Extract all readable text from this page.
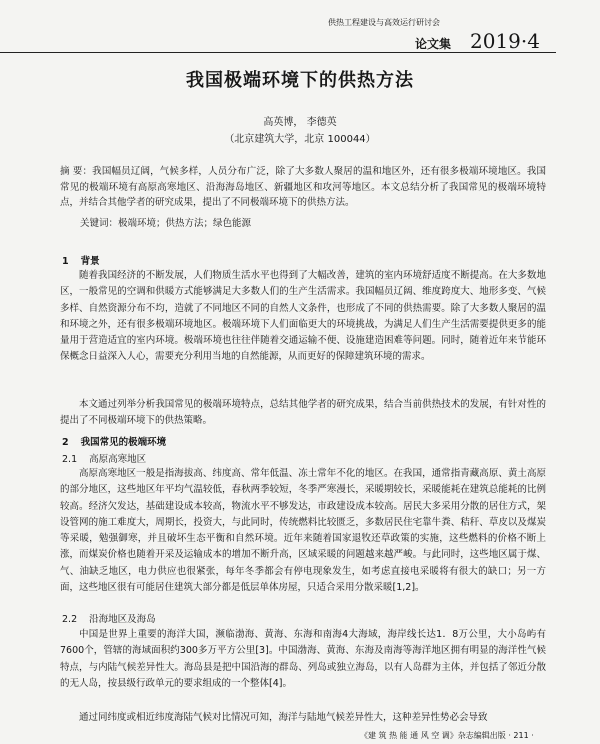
供热工程建设与高效运行研讨会
论文集 2019·4
我国极端环境下的供热方法
高英博， 李德英
（北京建筑大学，北京 100044）

摘 要：我国幅员辽阔，气候多样，人员分布广泛，除了大多数人聚居的温和地区外，还有很多极端环境地区。我国常见的极端环境有高原高寒地区、沿海海岛地区、新疆地区和攻河等地区。本文总结分析了我国常见的极端环境特点，并结合其他学者的研究成果，提出了不同极端环境下的供热方法。

关键词：极端环境；供热方法；绿色能源

1 背景

随着我国经济的不断发展，人们物质生活水平也得到了大幅改善，建筑的室内环境舒适度不断提高。在大多数地区，一般常见的空调和供暖方式能够满足大多数人们的生产生活需求。我国幅员辽阔、维度跨度大、地形多变、气候多样、自然资源分布不均，造就了不同地区不同的自然人文条件，也形成了不同的供热需要。除了大多数人聚居的温和环境之外，还有很多极端环境地区。极端环境下人们面临更大的环境挑战，为满足人们生产生活需要提供更多的能量用于营造适宜的室内环境。极端环境也往往伴随着交通运输不便、设施建造困难等问题。同时，随着近年来节能环保概念日益深入人心，需要充分利用当地的自然能源，从而更好的保障建筑环境的需求。

本文通过列举分析我国常见的极端环境特点，总结其他学者的研究成果，结合当前供热技术的发展，有针对性的提出了不同极端环境下的供热策略。

2 我国常见的极端环境
2.1 高原高寒地区

高原高寒地区一般是指海拔高、纬度高、常年低温、冻土常年不化的地区。在我国，通常指青藏高原、黄土高原的部分地区，这些地区年平均气温较低，春秋两季较短，冬季严寒漫长，采暖期较长，采暖能耗在建筑总能耗的比例较高。经济欠发达，基础建设成本较高，物流水平不够发达，市政建设成本较高。居民大多采用分散的居住方式，架设管网的施工难度大，周期长，投资大，与此同时，传统燃料比较匮乏，多数居民住宅靠牛粪、秸秆、草皮以及煤炭等采暖，勉强御寒，并且破坏生态平衡和自然环境。近年来随着国家退牧还草政策的实施，这些燃料的价格不断上涨，而煤炭价格也随着开采及运输成本的增加不断升高，区域采暖的问题越来越严峻。与此同时，这些地区属于煤、气、油缺乏地区，电力供应也很紧张，每年冬季都会有停电现象发生，如考虑直接电采暖将有很大的缺口；另一方面，这些地区很有可能居住建筑大部分都是低层单体房屋，只适合采用分散采暖[1,2]。

2.2 沿海地区及海岛

中国是世界上重要的海洋大国，濒临渤海、黄海、东海和南海4大海域，海岸线长达1．8万公里，大小岛屿有7600个，管辖的海域面积约300多万平方公里[3]。中国渤海、黄海、东海及南海等海洋地区拥有明显的海洋性气候特点，与内陆气候差异性大。海岛县是把中国沿海的群岛、列岛或独立海岛，以有人岛群为主体，并包括了邻近分散的无人岛，按县级行政单元的要求组成的一个整体[4]。

通过同纬度或相近纬度海陆气候对比情况可知，海洋与陆地气候差异性大，这种差异性势必会导致

《建 筑 热 能 通 风 空 调》杂志编辑出版 · 211 ·
